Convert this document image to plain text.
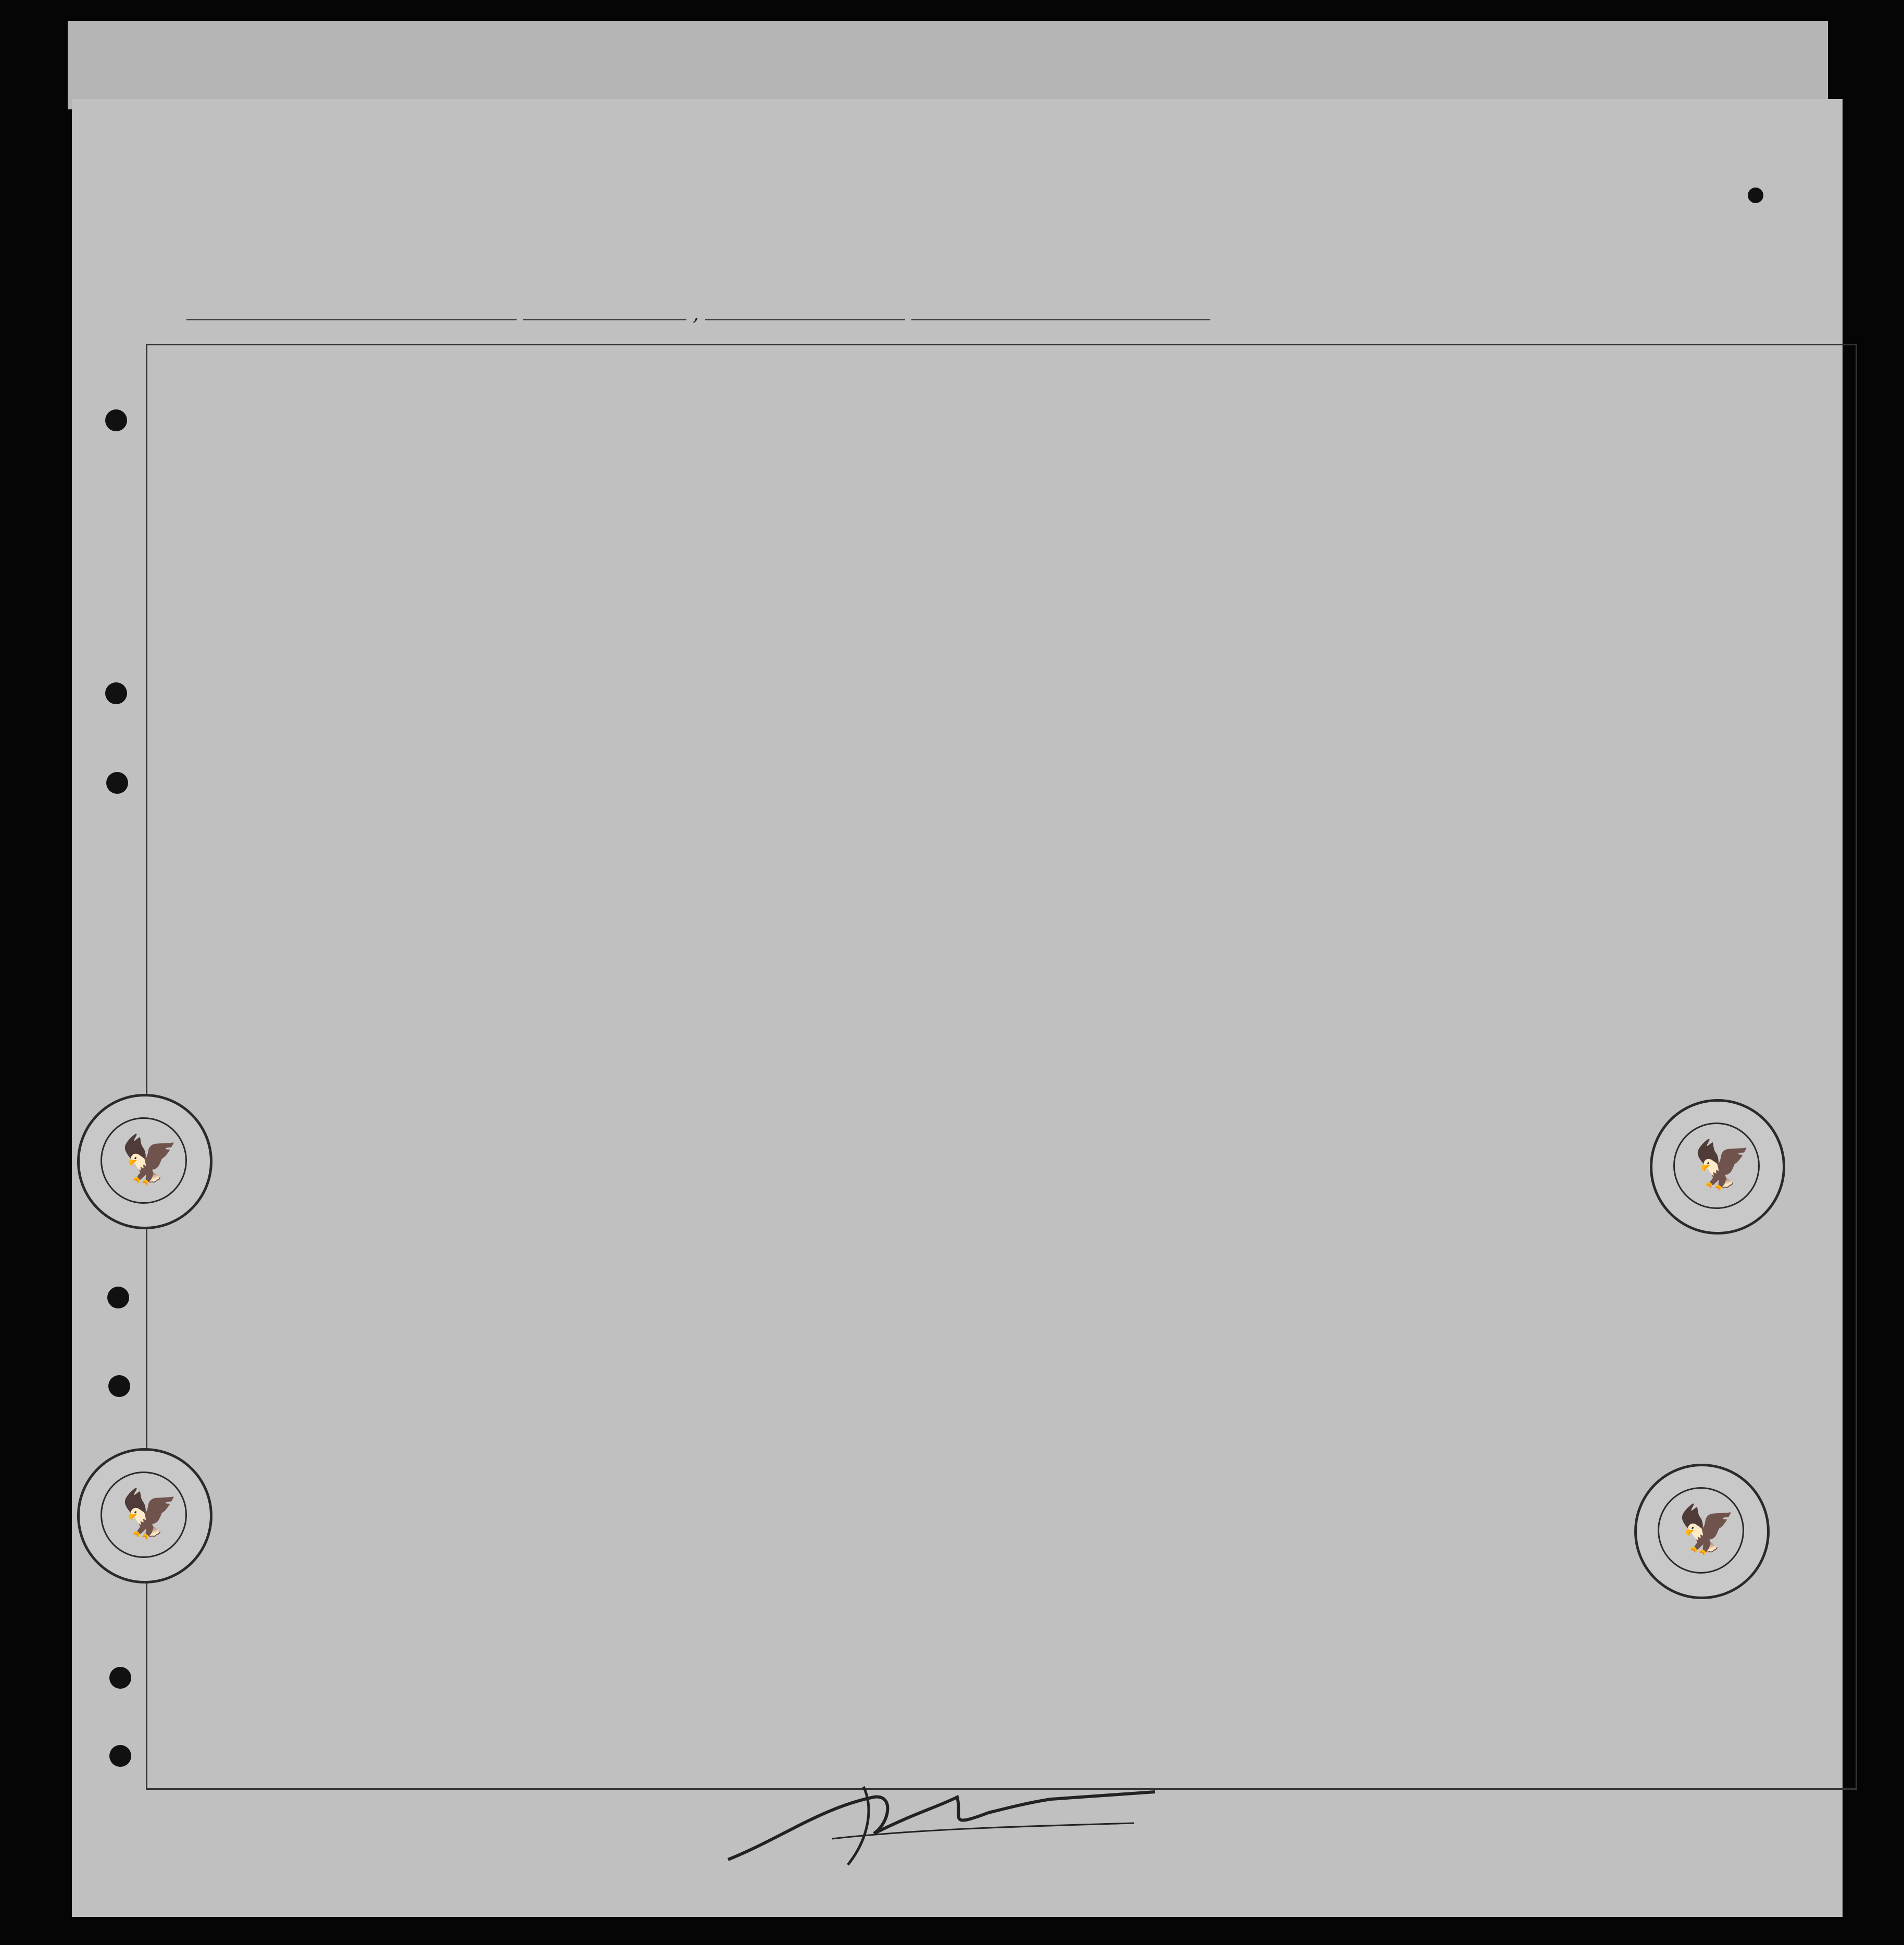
,
🦅
🦅
🦅
🦅
